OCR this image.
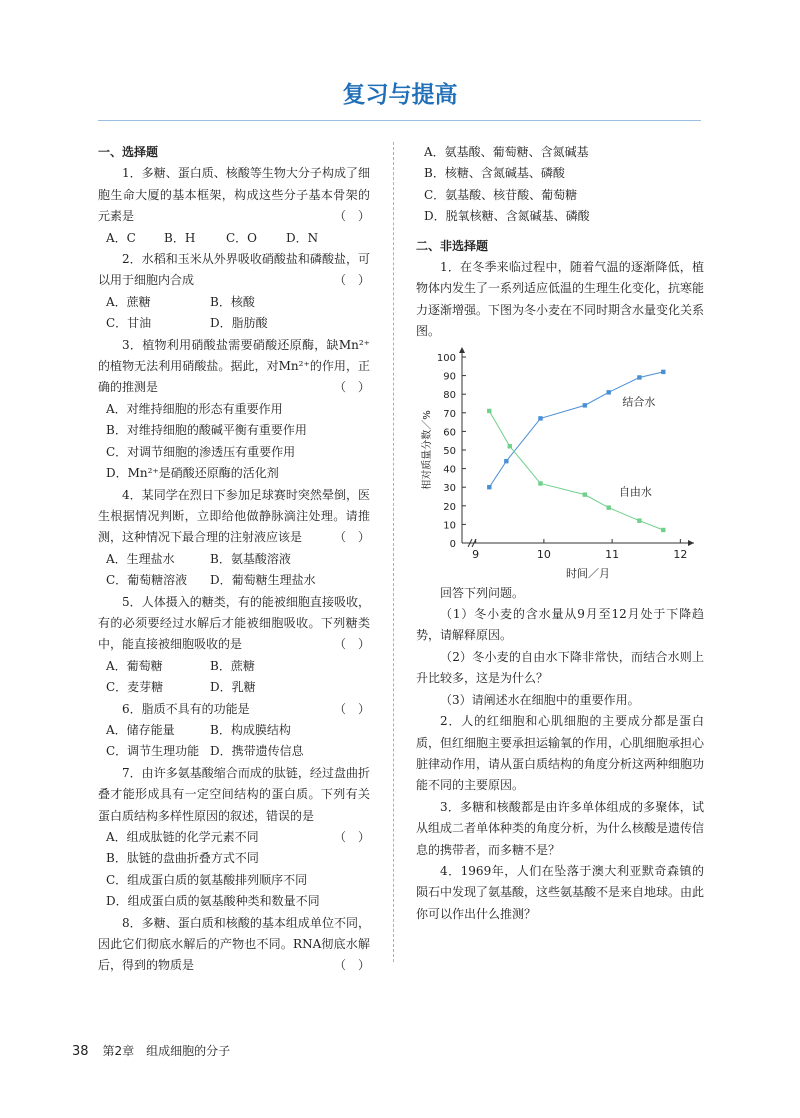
复习与提高
一、选择题
1．多糖、蛋白质、核酸等生物大分子构成了细胞生命大厦的基本框架，构成这些分子基本骨架的元素是	（　）
A．C	B．H	C．O	D．N
2．水稻和玉米从外界吸收硝酸盐和磷酸盐，可以用于细胞内合成	（　）
A．蔗糖	B．核酸
C．甘油	D．脂肪酸
3．植物利用硝酸盐需要硝酸还原酶，缺Mn²⁺的植物无法利用硝酸盐。据此，对Mn²⁺的作用，正确的推测是	（　）
A．对维持细胞的形态有重要作用
B．对维持细胞的酸碱平衡有重要作用
C．对调节细胞的渗透压有重要作用
D．Mn²⁺是硝酸还原酶的活化剂
4．某同学在烈日下参加足球赛时突然晕倒，医生根据情况判断，立即给他做静脉滴注处理。请推测，这种情况下最合理的注射液应该是	（　）
A．生理盐水	B．氨基酸溶液
C．葡萄糖溶液	D．葡萄糖生理盐水
5．人体摄入的糖类，有的能被细胞直接吸收，有的必须要经过水解后才能被细胞吸收。下列糖类中，能直接被细胞吸收的是	（　）
A．葡萄糖	B．蔗糖
C．麦芽糖	D．乳糖
6．脂质不具有的功能是	（　）
A．储存能量	B．构成膜结构
C．调节生理功能 D．携带遗传信息
7．由许多氨基酸缩合而成的肽链，经过盘曲折叠才能形成具有一定空间结构的蛋白质。下列有关蛋白质结构多样性原因的叙述，错误的是
（　）
A．组成肽链的化学元素不同
B．肽链的盘曲折叠方式不同
C．组成蛋白质的氨基酸排列顺序不同
D．组成蛋白质的氨基酸种类和数量不同
8．多糖、蛋白质和核酸的基本组成单位不同，因此它们彻底水解后的产物也不同。RNA彻底水解后，得到的物质是	（　）
A．氨基酸、葡萄糖、含氮碱基
B．核糖、含氮碱基、磷酸
C．氨基酸、核苷酸、葡萄糖
D．脱氧核糖、含氮碱基、磷酸
二、非选择题
1．在冬季来临过程中，随着气温的逐渐降低，植物体内发生了一系列适应低温的生理生化变化，抗寒能力逐渐增强。下图为冬小麦在不同时期含水量变化关系图。
0
10
20
30
40
50
60
70
80
90
100
9	10	11	12
时间／月
相对质量分数／%
结合水
自由水
回答下列问题。
（1）冬小麦的含水量从9月至12月处于下降趋势，请解释原因。
（2）冬小麦的自由水下降非常快，而结合水则上升比较多，这是为什么？
（3）请阐述水在细胞中的重要作用。
2．人的红细胞和心肌细胞的主要成分都是蛋白质，但红细胞主要承担运输氧的作用，心肌细胞承担心脏律动作用，请从蛋白质结构的角度分析这两种细胞功能不同的主要原因。
3．多糖和核酸都是由许多单体组成的多聚体，试从组成二者单体种类的角度分析，为什么核酸是遗传信息的携带者，而多糖不是？
4．1969年，人们在坠落于澳大利亚默奇森镇的陨石中发现了氨基酸，这些氨基酸不是来自地球。由此你可以作出什么推测？
38 第2章　组成细胞的分子
